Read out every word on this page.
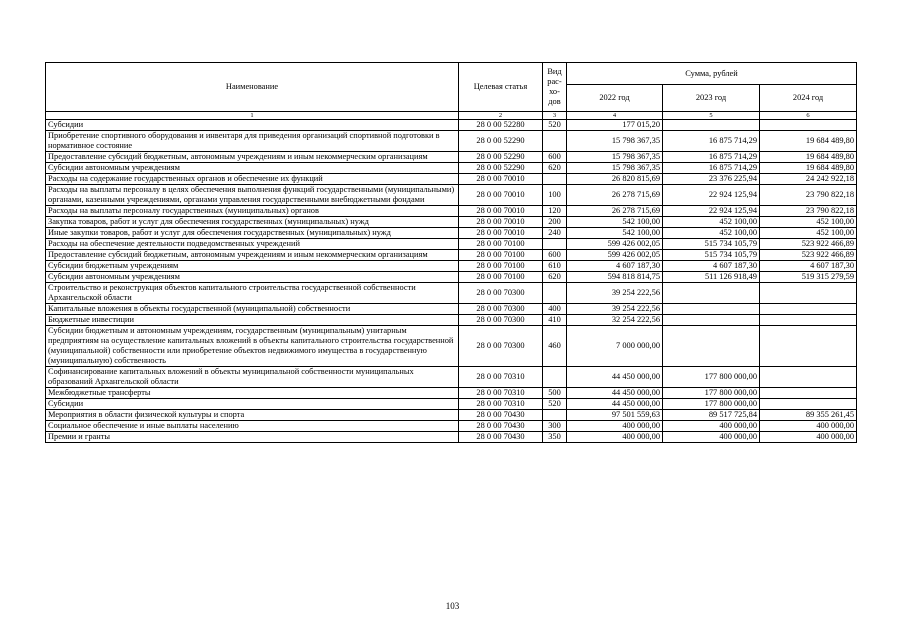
Наименование	Целевая статья	Вид рас-хо-дов	Сумма, рублей		
			2022 год	2023 год	2024 год
1	2	3	4	5	6
Субсидии	28 0 00 52280	520	177 015,20		
Приобретение спортивного оборудования и инвентаря для приведения организаций спортивной подготовки в нормативное состояние	28 0 00 52290		15 798 367,35	16 875 714,29	19 684 489,80
Предоставление субсидий бюджетным, автономным учреждениям и иным некоммерческим организациям	28 0 00 52290	600	15 798 367,35	16 875 714,29	19 684 489,80
Субсидии автономным учреждениям	28 0 00 52290	620	15 798 367,35	16 875 714,29	19 684 489,80
Расходы на содержание государственных органов и обеспечение их функций	28 0 00 70010		26 820 815,69	23 376 225,94	24 242 922,18
Расходы на выплаты персоналу в целях обеспечения выполнения функций государственными (муниципальными) органами, казенными учреждениями, органами управления государственными внебюджетными фондами	28 0 00 70010	100	26 278 715,69	22 924 125,94	23 790 822,18
Расходы на выплаты персоналу государственных (муниципальных) органов	28 0 00 70010	120	26 278 715,69	22 924 125,94	23 790 822,18
Закупка товаров, работ и услуг для обеспечения государственных (муниципальных) нужд	28 0 00 70010	200	542 100,00	452 100,00	452 100,00
Иные закупки товаров, работ и услуг для обеспечения государственных (муниципальных) нужд	28 0 00 70010	240	542 100,00	452 100,00	452 100,00
Расходы на обеспечение деятельности подведомственных учреждений	28 0 00 70100		599 426 002,05	515 734 105,79	523 922 466,89
Предоставление субсидий бюджетным, автономным учреждениям и иным некоммерческим организациям	28 0 00 70100	600	599 426 002,05	515 734 105,79	523 922 466,89
Субсидии бюджетным учреждениям	28 0 00 70100	610	4 607 187,30	4 607 187,30	4 607 187,30
Субсидии автономным учреждениям	28 0 00 70100	620	594 818 814,75	511 126 918,49	519 315 279,59
Строительство и реконструкция объектов капитального строительства государственной собственности Архангельской области	28 0 00 70300		39 254 222,56		
Капитальные вложения в объекты государственной (муниципальной) собственности	28 0 00 70300	400	39 254 222,56		
Бюджетные инвестиции	28 0 00 70300	410	32 254 222,56		
Субсидии бюджетным и автономным учреждениям, государственным (муниципальным) унитарным предприятиям на осуществление капитальных вложений в объекты капитального строительства государственной (муниципальной) собственности или приобретение объектов недвижимого имущества в государственную (муниципальную) собственность	28 0 00 70300	460	7 000 000,00		
Софинансирование капитальных вложений в объекты муниципальной собственности муниципальных образований Архангельской области	28 0 00 70310		44 450 000,00	177 800 000,00	
Межбюджетные трансферты	28 0 00 70310	500	44 450 000,00	177 800 000,00	
Субсидии	28 0 00 70310	520	44 450 000,00	177 800 000,00	
Мероприятия в области физической культуры и спорта	28 0 00 70430		97 501 559,63	89 517 725,84	89 355 261,45
Социальное обеспечение и иные выплаты населению	28 0 00 70430	300	400 000,00	400 000,00	400 000,00
Премии и гранты	28 0 00 70430	350	400 000,00	400 000,00	400 000,00
103
